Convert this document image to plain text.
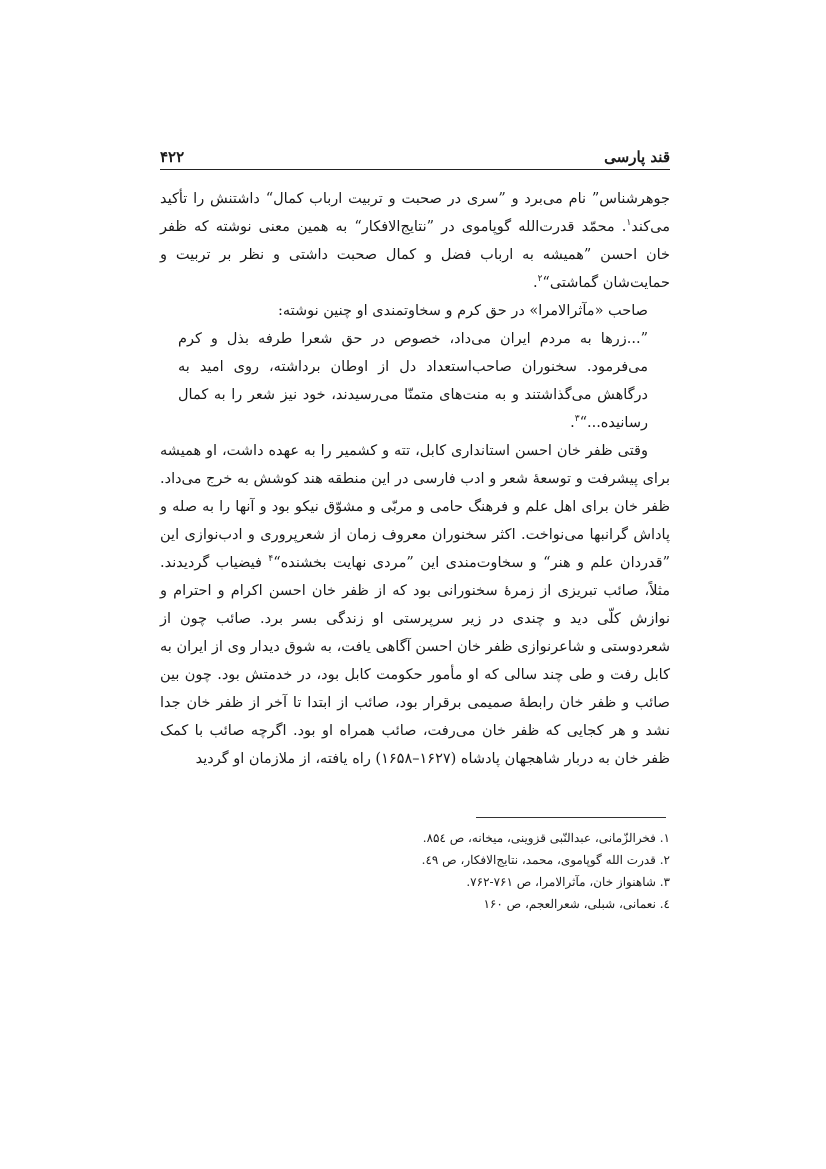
قند پارسی
۴۲۲

جوهرشناس” نام می‌برد و ”سری در صحبت و تربیت ارباب کمال“ داشتنش را تأکید می‌کند$^۱$. محمّد قدرت‌الله گوپاموی در ”نتایج‌الافکار“ به همین معنی نوشته که ظفر خان احسن ”همیشه به ارباب فضل و کمال صحبت داشتی و نظر بر تربیت و حمایت‌شان گماشتی“$^۲$.

صاحب «مآثرالامرا» در حق کرم و سخاوتمندی او چنین نوشته:

”...زرها به مردم ایران می‌داد، خصوص در حق شعرا طرفه بذل و کرم می‌فرمود. سخنوران صاحب‌استعداد دل از اوطان برداشته، روی امید به درگاهش می‌گذاشتند و به منت‌های متمنّا می‌رسیدند، خود نیز شعر را به کمال رسانیده...“$^۳$.

وقتی ظفر خان احسن استانداری کابل، تته و کشمیر را به عهده داشت، او همیشه برای پیشرفت و توسعهٔ شعر و ادب فارسی در این منطقه هند کوشش به خرج می‌داد. ظفر خان برای اهل علم و فرهنگ حامی و مربّی و مشوّق نیکو بود و آنها را به صله و پاداش گرانبها می‌نواخت. اکثر سخنوران معروف زمان از شعرپروری و ادب‌نوازی این ”قدردان علم و هنر“ و سخاوت‌مندی این ”مردی نهایت بخشنده“$^۴$ فیضیاب گردیدند. مثلاً، صائب تبریزی از زمرهٔ سخنورانی بود که از ظفر خان احسن اکرام و احترام و نوازش کلّی دید و چندی در زیر سرپرستی او زندگی بسر برد. صائب چون از شعردوستی و شاعرنوازی ظفر خان احسن آگاهی یافت، به شوق دیدار وی از ایران به کابل رفت و طی چند سالی که او مأمور حکومت کابل بود، در خدمتش بود. چون بین صائب و ظفر خان رابطهٔ صمیمی برقرار بود، صائب از ابتدا تا آخر از ظفر خان جدا نشد و هر کجایی که ظفر خان می‌رفت، صائب همراه او بود. اگرچه صائب با کمک ظفر خان به دربار شاهجهان پادشاه (۱۶۲۷–۱۶۵۸) راه یافته، از ملازمان او گردید

۱. فخرالزّمانی، عبدالنّبی قزوینی، میخانه، ص ۸۵٤.
۲. قدرت الله گوپاموی، محمد، نتایج‌الافکار، ص ٤۹.
۳. شاهنواز خان، مآثرالامرا، ص ۷۶۱-۷۶۲.
٤. نعمانی، شبلی، شعرالعجم، ص ۱۶۰
